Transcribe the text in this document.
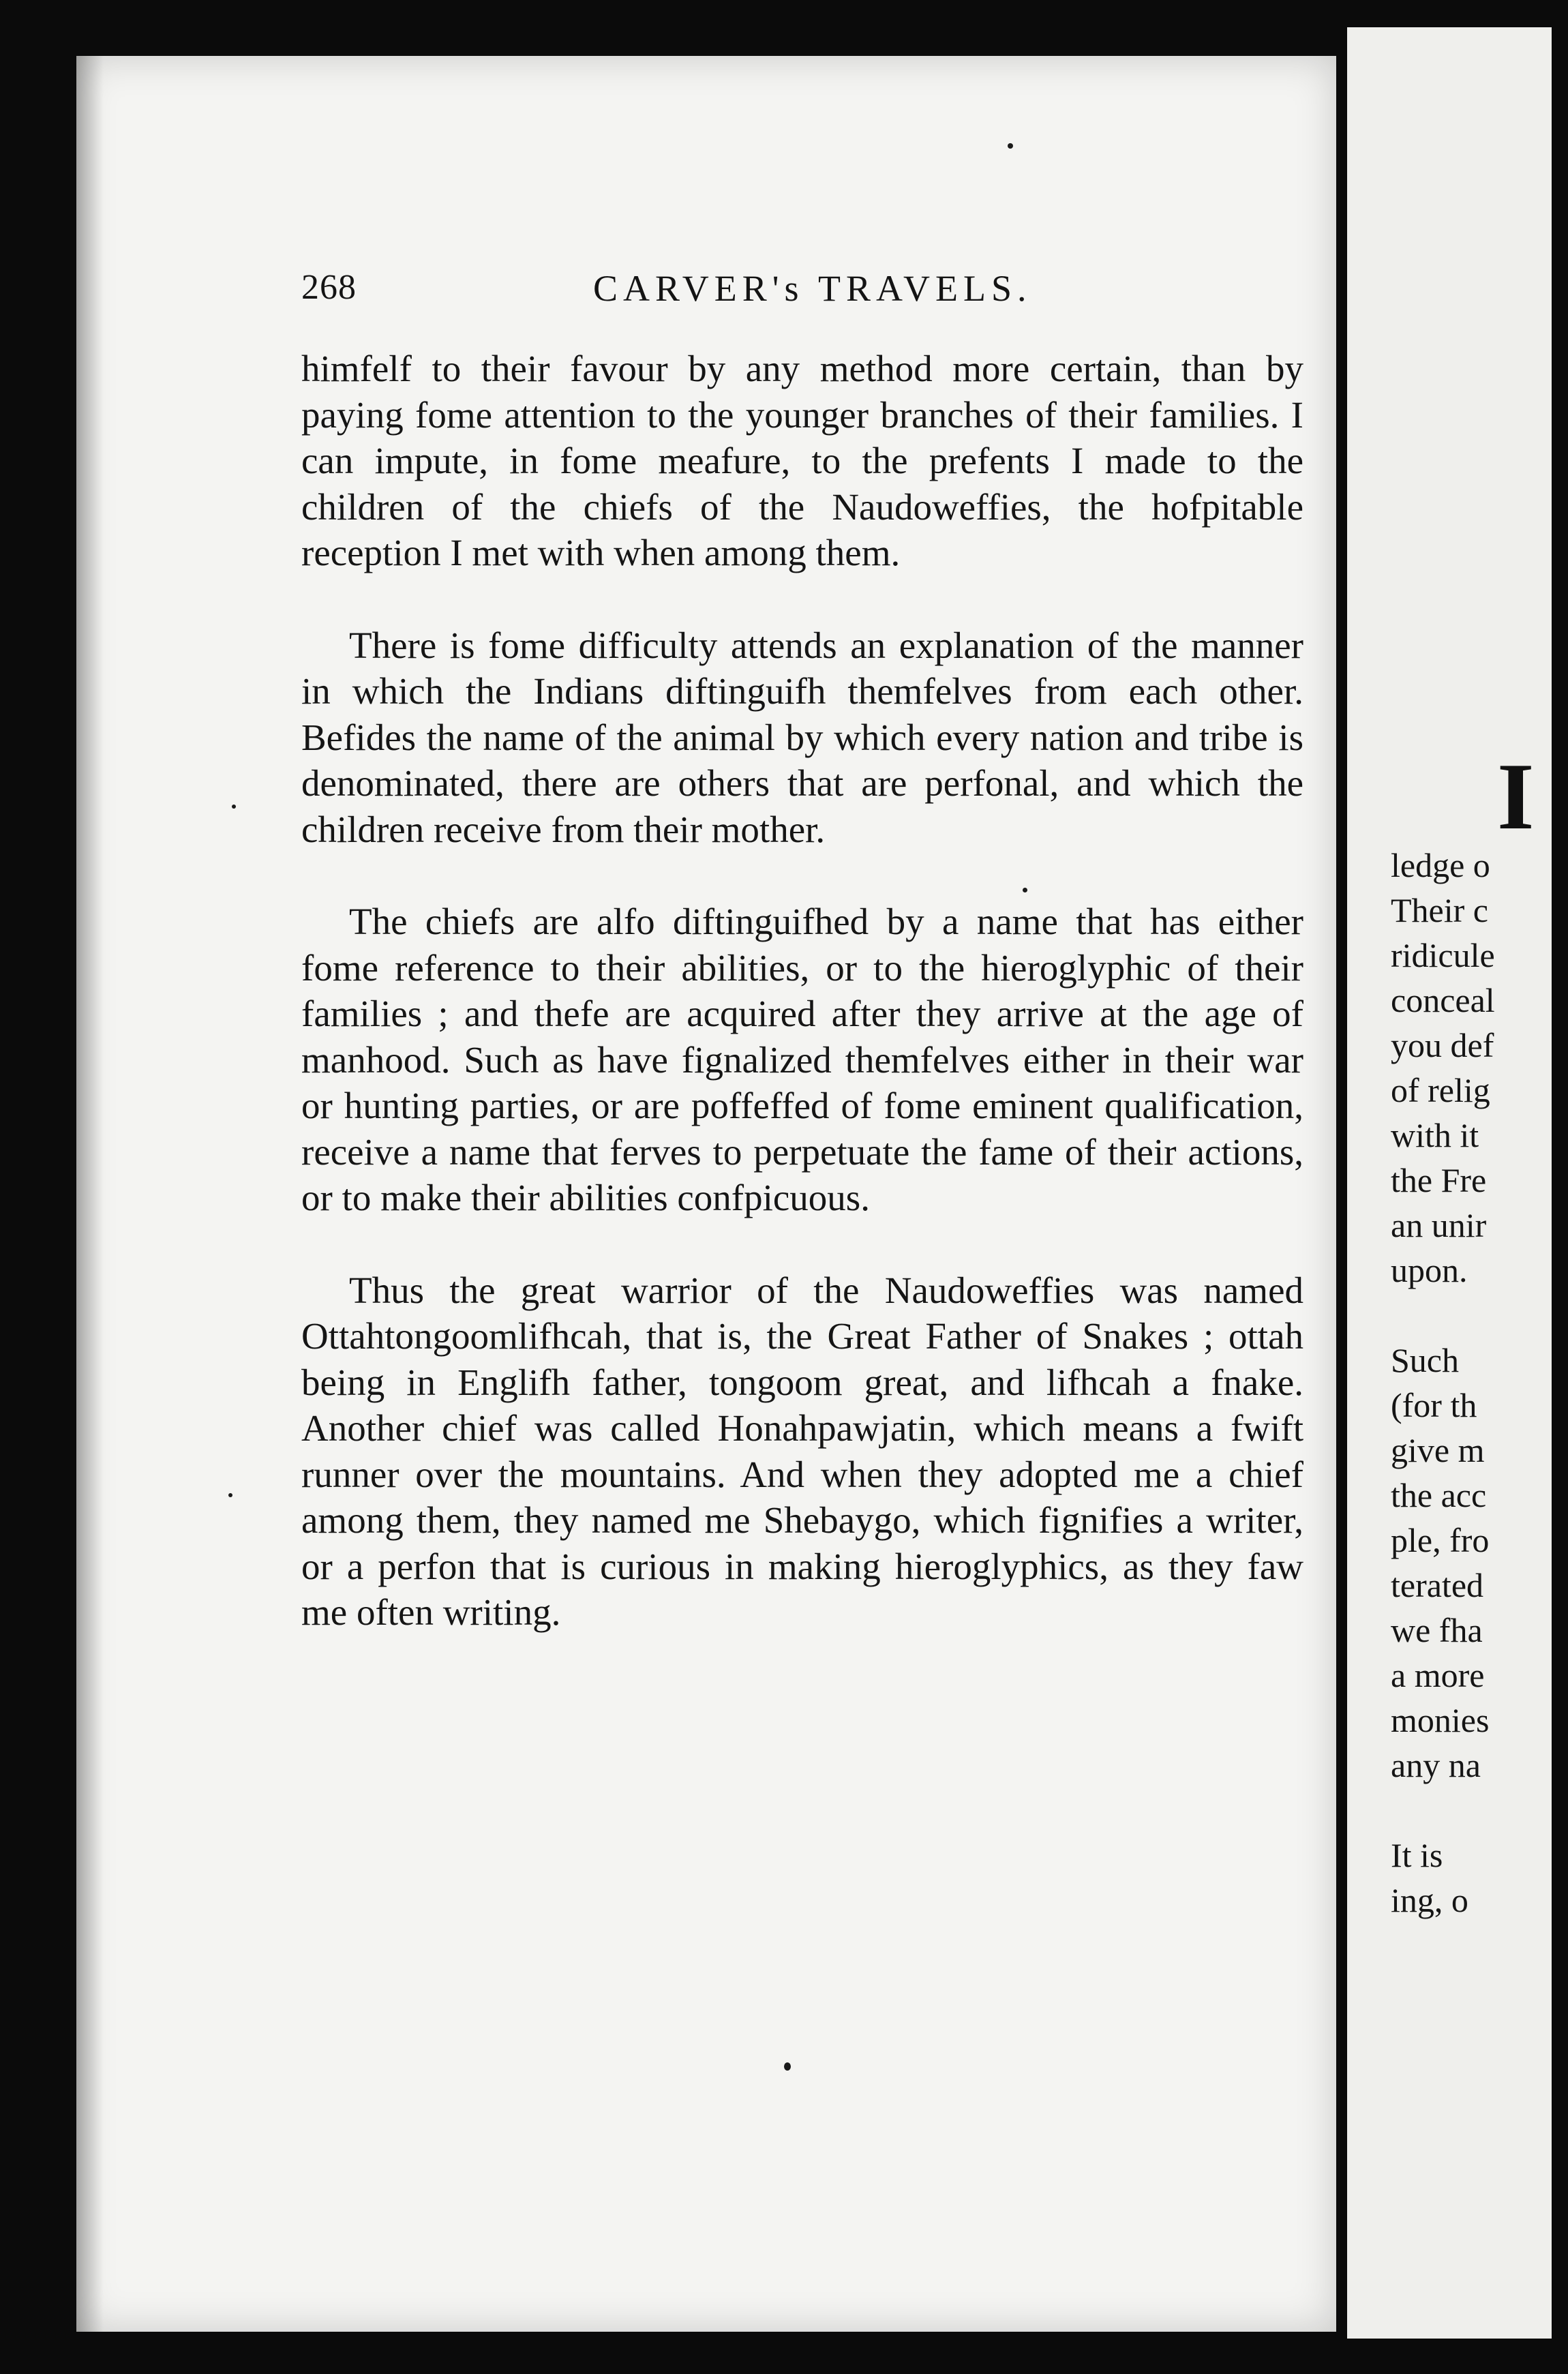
268	CARVER's TRAVELS.

himfelf to their favour by any method more certain, than by paying fome attention to the younger branches of their families. I can impute, in fome meafure, to the prefents I made to the children of the chiefs of the Naudoweffies, the hofpitable reception I met with when among them.

There is fome difficulty attends an explanation of the manner in which the Indians diftinguifh themfelves from each other. Befides the name of the animal by which every nation and tribe is denominated, there are others that are perfonal, and which the children receive from their mother.

The chiefs are alfo diftinguifhed by a name that has either fome reference to their abilities, or to the hieroglyphic of their families ; and thefe are acquired after they arrive at the age of manhood. Such as have fignalized themfelves either in their war or hunting parties, or are poffeffed of fome eminent qualification, receive a name that ferves to perpetuate the fame of their actions, or to make their abilities confpicuous.

Thus the great warrior of the Naudoweffies was named Ottahtongoomlifhcah, that is, the Great Father of Snakes ; ottah being in Englifh father, tongoom great, and lifhcah a fnake. Another chief was called Honahpawjatin, which means a fwift runner over the mountains. And when they adopted me a chief among them, they named me Shebaygo, which fignifies a writer, or a perfon that is curious in making hieroglyphics, as they faw me often writing.

I
ledge o
Their c
ridicule
conceal
you def
of relig
with it
the Fre
an unir
upon.
Such
(for th
give m
the acc
ple, fro
terated
we fha
a more
monies
any na
It is
ing, o
